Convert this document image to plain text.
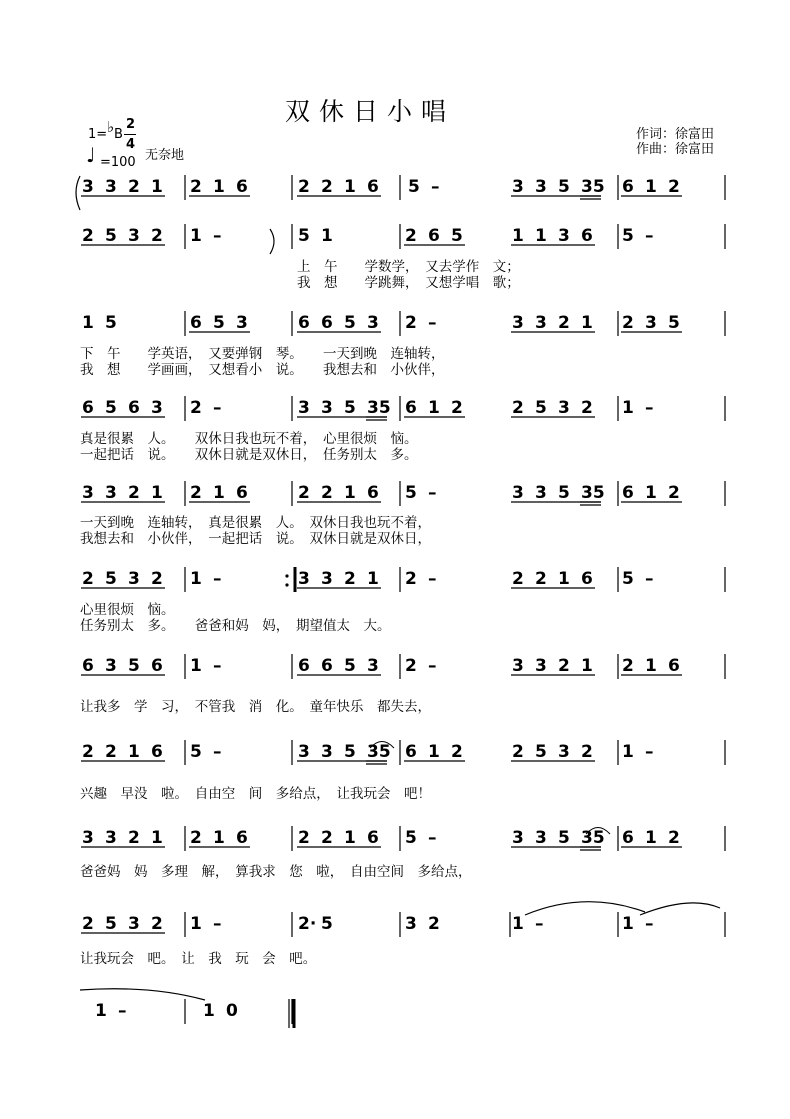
双休日小唱
作词：徐富田
作曲：徐富田
1= ♭ B
2
4
♩ =100 无奈地
3 3 2 1 2 1 6	2 2 1 6 5 –	3 3 5 35 6 1 2
2 5 3 2 1 –	5 1	2 6 5	1 1 3 6 5 –
上　午　　学数学，　又去学作　文；
我　想　　学跳舞，　又想学唱　歌；
1 5	6 5 3	6 6 5 3 2 –	3 3 2 1 2 3 5
下　午　　学英语，　又要弹钢　琴。　　一天到晚　连轴转，
我　想　　学画画，　又想看小　说。　　我想去和　小伙伴，
6 5 6 3 2 –	3 3 5 35 6 1 2	2 5 3 2 1 –
真是很累　人。　　双休日我也玩不着，　心里很烦　恼。
一起把话　说。　　双休日就是双休日，　任务别太　多。
3 3 2 1 2 1 6	2 2 1 6 5 –	3 3 5 35 6 1 2
一天到晚　连轴转，　真是很累　人。　双休日我也玩不着，
我想去和　小伙伴，　一起把话　说。　双休日就是双休日，
2 5 3 2 1 –	3 3 2 1 2 –	2 2 1 6 5 –
心里很烦　恼。
任务别太　多。　　爸爸和妈　妈，　期望值太　大。
6 3 5 6 1 –	6 6 5 3 2 –	3 3 2 1 2 1 6
让我多　学　习，　不管我　消　化。　童年快乐　都失去，
2 2 1 6 5 –	3 3 5 35 6 1 2	2 5 3 2 1 –
兴趣　早没　啦。　自由空　间　多给点，　让我玩会　吧！
3 3 2 1 2 1 6	2 2 1 6 5 –	3 3 5 35 6 1 2
爸爸妈　妈　多理　解，　算我求　您　啦，　自由空间　多给点，
2 5 3 2 1 –	2· 5	3 2	1 –	1 –
让我玩会　吧。　让　我　玩　会　吧。
1 –	1 0
